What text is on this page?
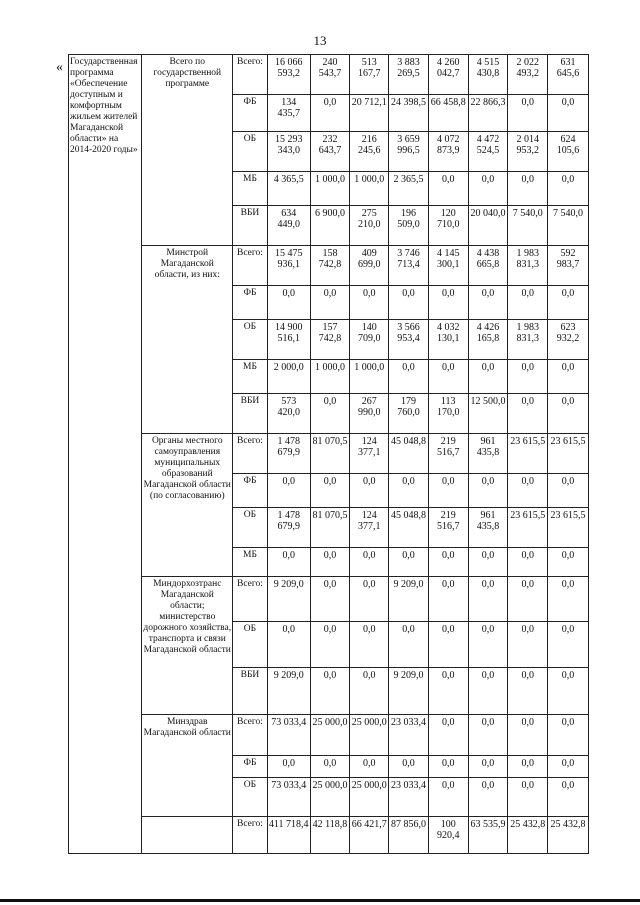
13
« Государственная программа «Обеспечение доступным и комфортным жильем жителей Магаданской области» на 2014-2020 годы»	Всего по государственной программе	Всего:	16 066 593,2	240 543,7	513 167,7	3 883 269,5	4 260 042,7	4 515 430,8	2 022 493,2	631 645,6
		ФБ	134 435,7	0,0	20 712,1	24 398,5	66 458,8	22 866,3	0,0	0,0
		ОБ	15 293 343,0	232 643,7	216 245,6	3 659 996,5	4 072 873,9	4 472 524,5	2 014 953,2	624 105,6
		МБ	4 365,5	1 000,0	1 000,0	2 365,5	0,0	0,0	0,0	0,0
		ВБИ	634 449,0	6 900,0	275 210,0	196 509,0	120 710,0	20 040,0	7 540,0	7 540,0
	Минстрой Магаданской области, из них:	Всего:	15 475 936,1	158 742,8	409 699,0	3 746 713,4	4 145 300,1	4 438 665,8	1 983 831,3	592 983,7
		ФБ	0,0	0,0	0,0	0,0	0,0	0,0	0,0	0,0
		ОБ	14 900 516,1	157 742,8	140 709,0	3 566 953,4	4 032 130,1	4 426 165,8	1 983 831,3	623 932,2
		МБ	2 000,0	1 000,0	1 000,0	0,0	0,0	0,0	0,0	0,0
		ВБИ	573 420,0	0,0	267 990,0	179 760,0	113 170,0	12 500,0	0,0	0,0
	Органы местного самоуправления муниципальных образований Магаданской области (по согласованию)	Всего:	1 478 679,9	81 070,5	124 377,1	45 048,8	219 516,7	961 435,8	23 615,5	23 615,5
		ФБ	0,0	0,0	0,0	0,0	0,0	0,0	0,0	0,0
		ОБ	1 478 679,9	81 070,5	124 377,1	45 048,8	219 516,7	961 435,8	23 615,5	23 615,5
		МБ	0,0	0,0	0,0	0,0	0,0	0,0	0,0	0,0
	Миндорхозтранс Магаданской области; министерство дорожного хозяйства, транспорта и связи Магаданской области	Всего:	9 209,0	0,0	0,0	9 209,0	0,0	0,0	0,0	0,0
		ОБ	0,0	0,0	0,0	0,0	0,0	0,0	0,0	0,0
		ВБИ	9 209,0	0,0	0,0	9 209,0	0,0	0,0	0,0	0,0
	Минздрав Магаданской области	Всего:	73 033,4	25 000,0	25 000,0	23 033,4	0,0	0,0	0,0	0,0
		ФБ	0,0	0,0	0,0	0,0	0,0	0,0	0,0	0,0
		ОБ	73 033,4	25 000,0	25 000,0	23 033,4	0,0	0,0	0,0	0,0
		Всего:	411 718,4	42 118,8	66 421,7	87 856,0	100 920,4	63 535,9	25 432,8	25 432,8
